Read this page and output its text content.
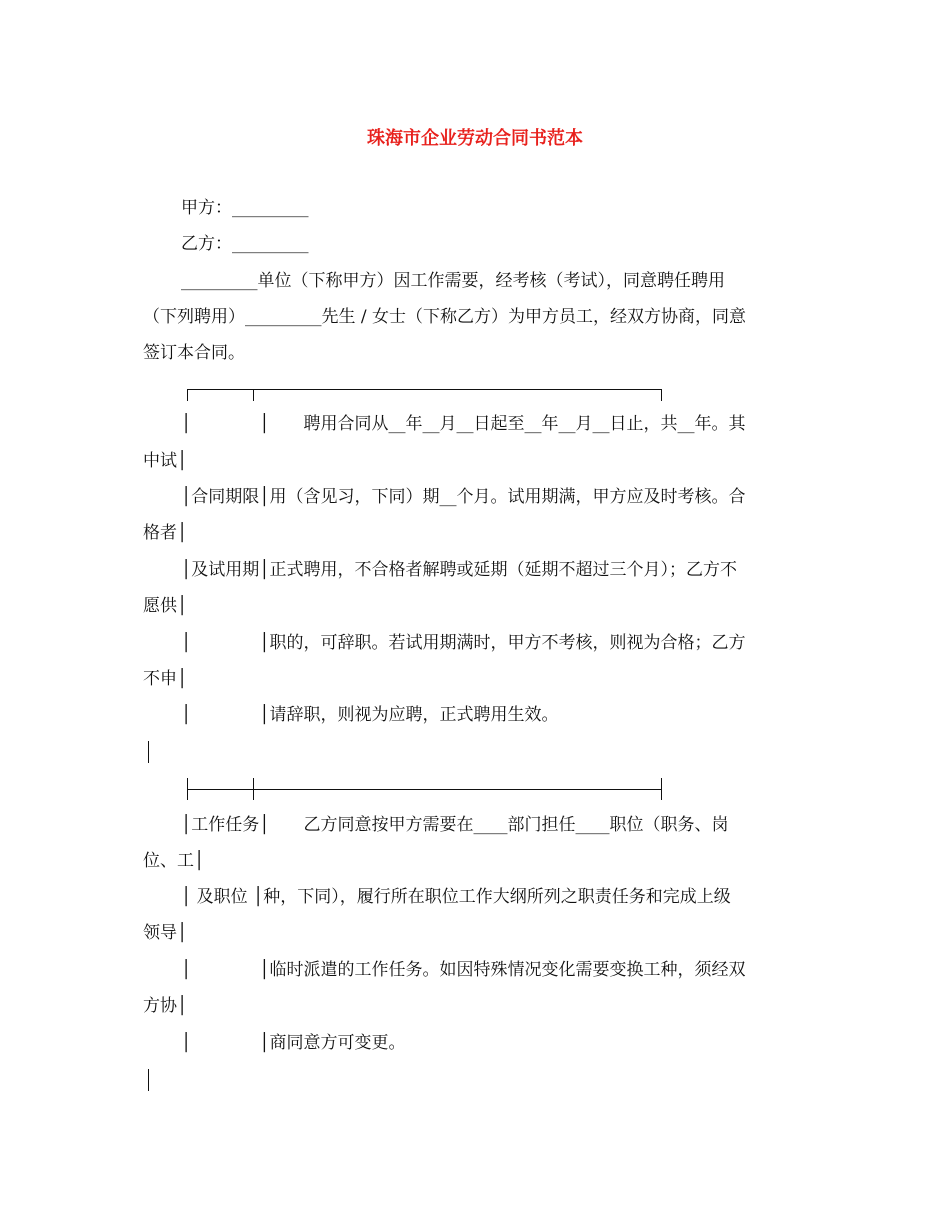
珠海市企业劳动合同书范本

甲方：_________

乙方：_________

_________单位（下称甲方）因工作需要，经考核（考试），同意聘任聘用

（下列聘用）_________先生 / 女士（下称乙方）为甲方员工，经双方协商，同意

签订本合同。

│　　　　│　　聘用合同从__年__月__日起至__年__月__日止，共__年。其

中试│

│合同期限│用（含见习，下同）期__个月。试用期满，甲方应及时考核。合

格者│

│及试用期│正式聘用，不合格者解聘或延期（延期不超过三个月）；乙方不

愿供│

│　　　　│职的，可辞职。若试用期满时，甲方不考核，则视为合格；乙方

不申│

│　　　　│请辞职，则视为应聘，正式聘用生效。

│工作任务│　　乙方同意按甲方需要在____部门担任____职位（职务、岗

位、工│

│ 及职位 │种，下同），履行所在职位工作大纲所列之职责任务和完成上级

领导│

│　　　　│临时派遣的工作任务。如因特殊情况变化需要变换工种，须经双

方协│

│　　　　│商同意方可变更。
